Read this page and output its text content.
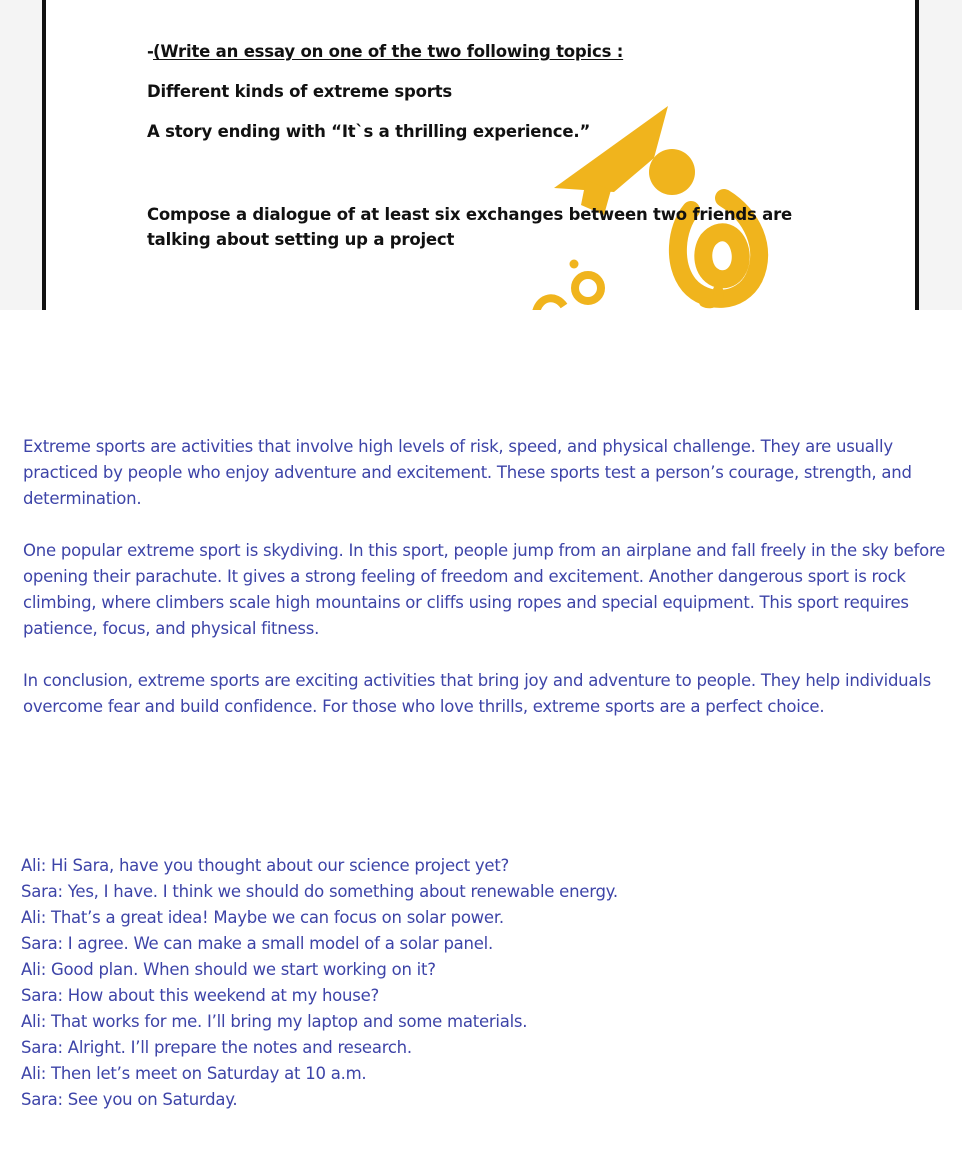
-(Write an essay on one of the two following topics :

Different kinds of extreme sports

A story ending with “It`s a thrilling experience.”

Compose a dialogue of at least six exchanges between two friends are talking about setting up a project

Extreme sports are activities that involve high levels of risk, speed, and physical challenge. They are usually practiced by people who enjoy adventure and excitement. These sports test a person’s courage, strength, and determination.

One popular extreme sport is skydiving. In this sport, people jump from an airplane and fall freely in the sky before opening their parachute. It gives a strong feeling of freedom and excitement. Another dangerous sport is rock climbing, where climbers scale high mountains or cliffs using ropes and special equipment. This sport requires patience, focus, and physical fitness.

In conclusion, extreme sports are exciting activities that bring joy and adventure to people. They help individuals overcome fear and build confidence. For those who love thrills, extreme sports are a perfect choice.

Ali: Hi Sara, have you thought about our science project yet?
Sara: Yes, I have. I think we should do something about renewable energy.
Ali: That’s a great idea! Maybe we can focus on solar power.
Sara: I agree. We can make a small model of a solar panel.
Ali: Good plan. When should we start working on it?
Sara: How about this weekend at my house?
Ali: That works for me. I’ll bring my laptop and some materials.
Sara: Alright. I’ll prepare the notes and research.
Ali: Then let’s meet on Saturday at 10 a.m.
Sara: See you on Saturday.
